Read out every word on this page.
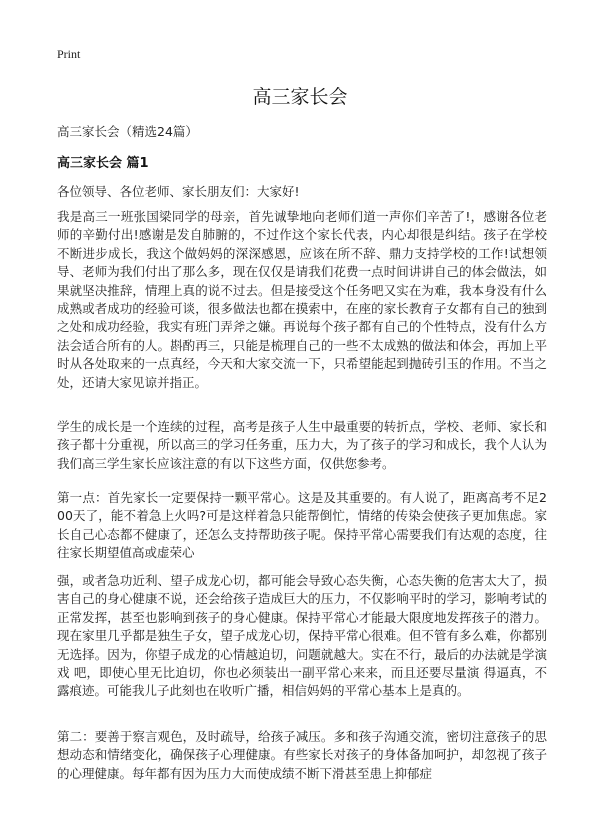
Print
高三家长会
高三家长会（精选24篇）
高三家长会 篇1
各位领导、各位老师、家长朋友们：大家好!
我是高三一班张国梁同学的母亲，首先诚挚地向老师们道一声你们辛苦了!，感谢各位老师的辛勤付出!感谢是发自肺腑的，不过作这个家长代表，内心却很是纠结。孩子在学校不断进步成长，我这个做妈妈的深深感恩，应该在所不辞、鼎力支持学校的工作!试想领导、老师为我们付出了那么多，现在仅仅是请我们花费一点时间讲讲自己的体会做法，如果就坚决推辞，情理上真的说不过去。但是接受这个任务吧又实在为难，我本身没有什么成熟或者成功的经验可谈，很多做法也都在摸索中，在座的家长教育子女都有自己的独到之处和成功经验，我实有班门弄斧之嫌。再说每个孩子都有自己的个性特点，没有什么方法会适合所有的人。斟酌再三，只能是梳理自己的一些不太成熟的做法和体会，再加上平时从各处取来的一点真经，今天和大家交流一下，只希望能起到抛砖引玉的作用。不当之处，还请大家见谅并指正。
学生的成长是一个连续的过程，高考是孩子人生中最重要的转折点，学校、老师、家长和孩子都十分重视，所以高三的学习任务重，压力大，为了孩子的学习和成长，我个人认为我们高三学生家长应该注意的有以下这些方面，仅供您参考。
第一点：首先家长一定要保持一颗平常心。这是及其重要的。有人说了，距离高考不足200天了，能不着急上火吗?可是这样着急只能帮倒忙，情绪的传染会使孩子更加焦虑。家长自己心态都不健康了，还怎么支持帮助孩子呢。保持平常心需要我们有达观的态度，往往家长期望值高或虚荣心
强，或者急功近利、望子成龙心切，都可能会导致心态失衡，心态失衡的危害太大了，损害自己的身心健康不说，还会给孩子造成巨大的压力，不仅影响平时的学习，影响考试的正常发挥，甚至也影响到孩子的身心健康。保持平常心才能最大限度地发挥孩子的潜力。现在家里几乎都是独生子女，望子成龙心切，保持平常心很难。但不管有多么难，你都别无选择。因为，你望子成龙的心情越迫切，问题就越大。实在不行，最后的办法就是学演戏 吧，即使心里无比迫切，你也必须装出一副平常心来来，而且还要尽量演 得逼真，不露痕迹。可能我儿子此刻也在收听广播，相信妈妈的平常心基本上是真的。
第二：要善于察言观色，及时疏导，给孩子减压。多和孩子沟通交流，密切注意孩子的思想动态和情绪变化，确保孩子心理健康。有些家长对孩子的身体备加呵护，却忽视了孩子的心理健康。每年都有因为压力大而使成绩不断下滑甚至患上抑郁症
